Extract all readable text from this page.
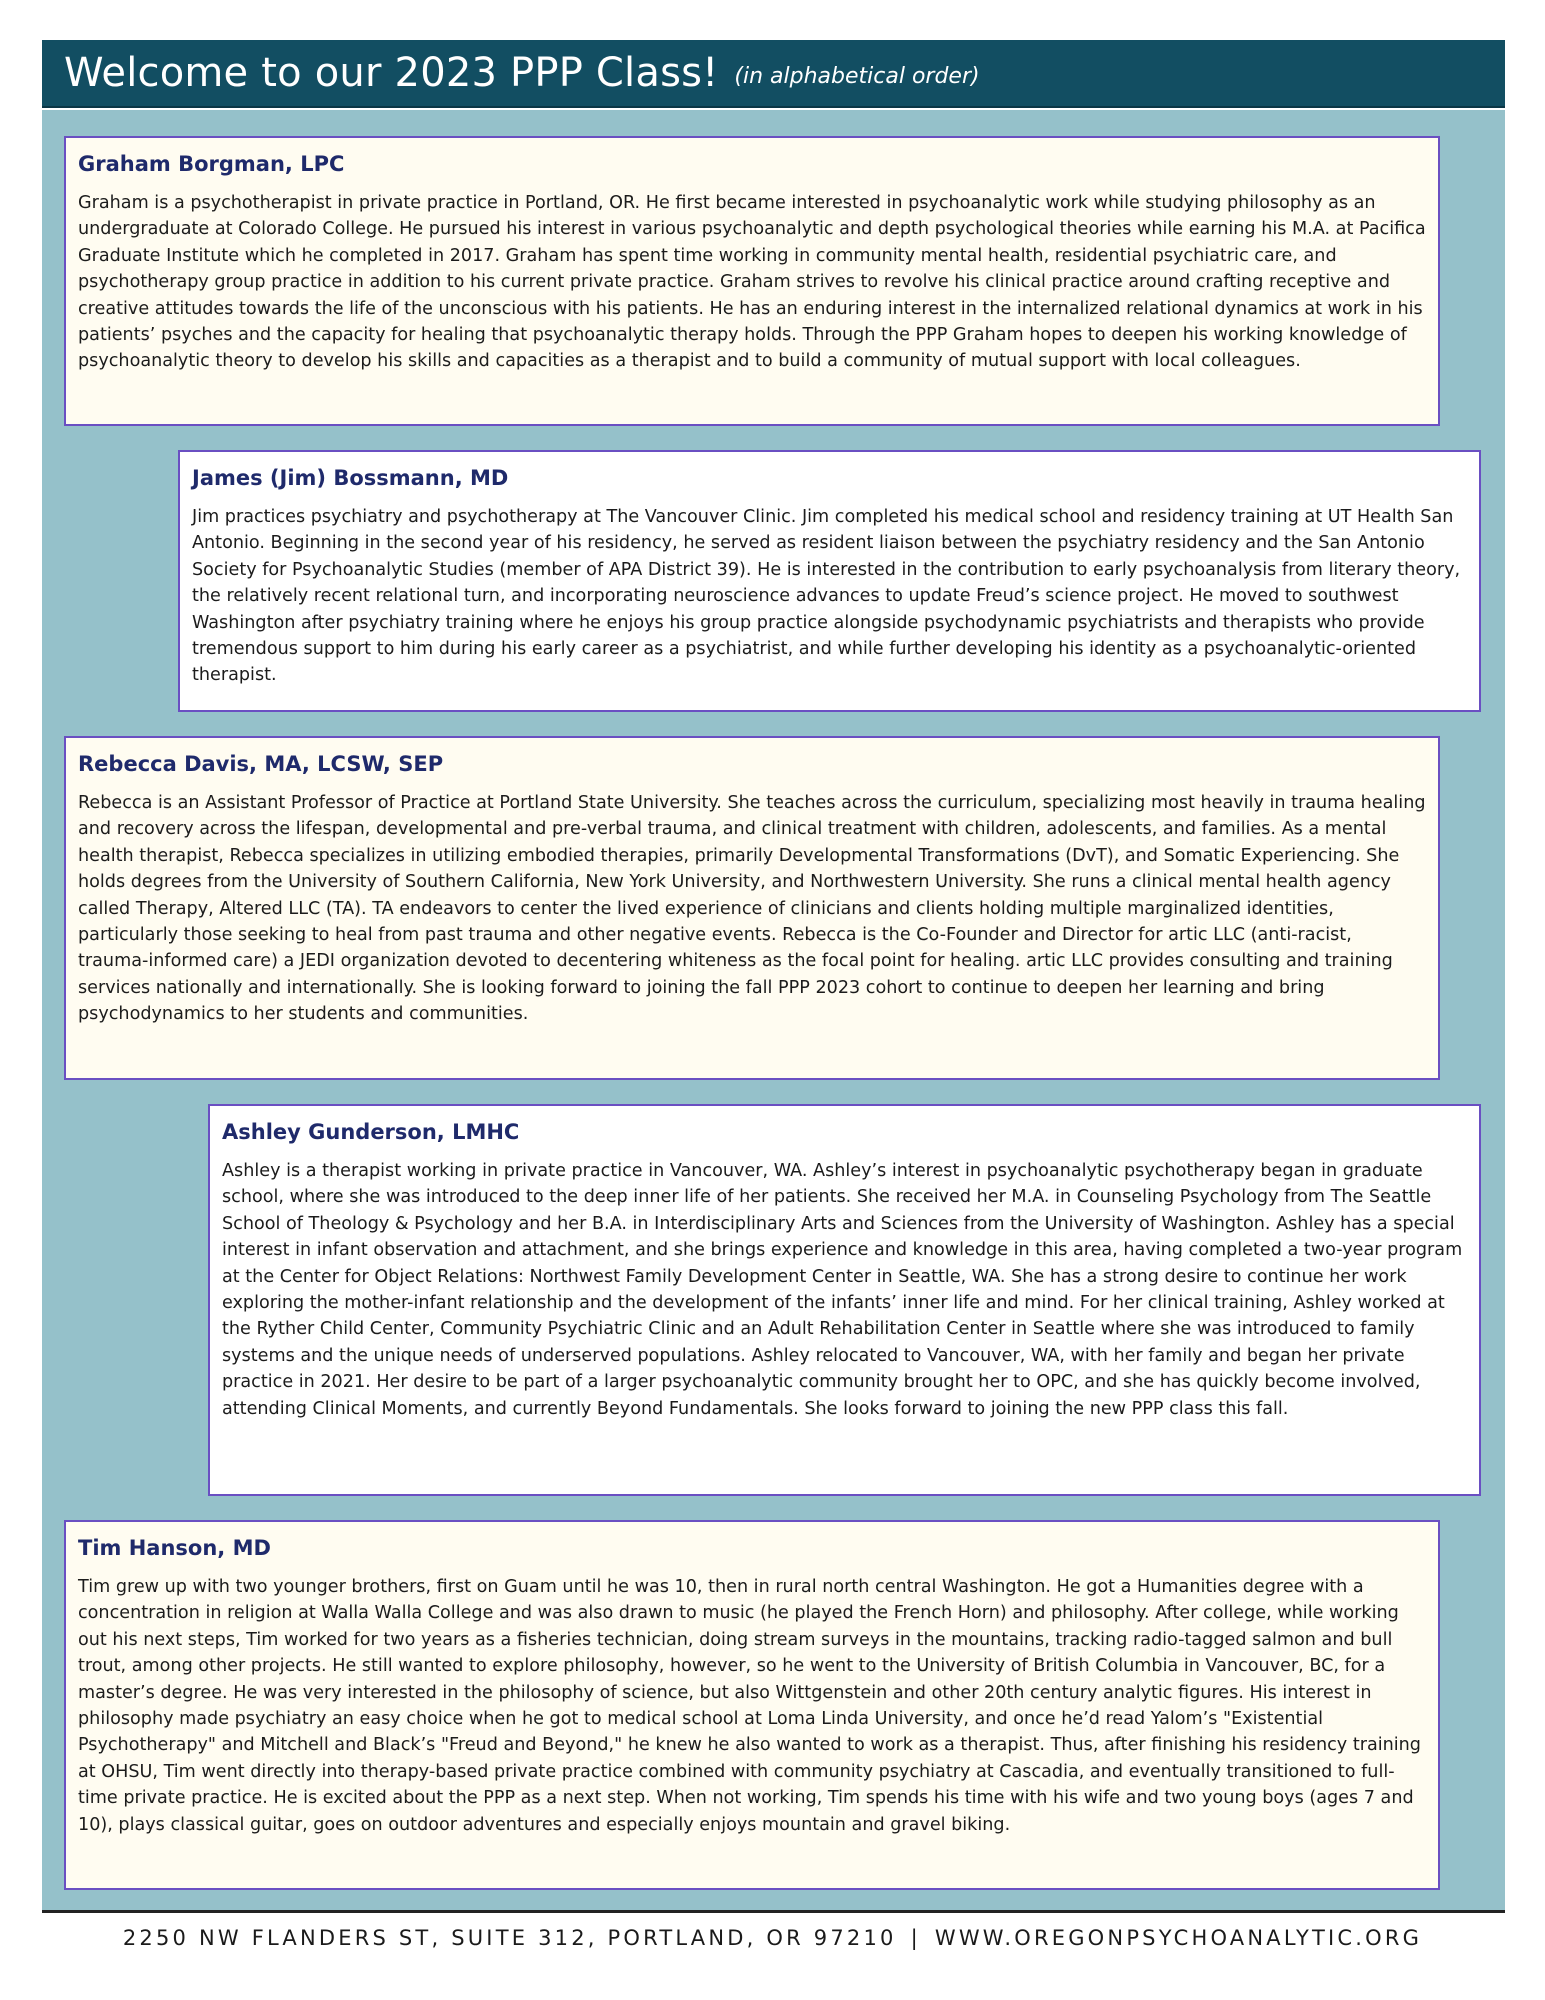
Welcome to our 2023 PPP Class! (in alphabetical order)
Graham Borgman, LPC

Graham is a psychotherapist in private practice in Portland, OR. He first became interested in psychoanalytic work while studying philosophy as an undergraduate at Colorado College. He pursued his interest in various psychoanalytic and depth psychological theories while earning his M.A. at Pacifica Graduate Institute which he completed in 2017. Graham has spent time working in community mental health, residential psychiatric care, and psychotherapy group practice in addition to his current private practice. Graham strives to revolve his clinical practice around crafting receptive and creative attitudes towards the life of the unconscious with his patients. He has an enduring interest in the internalized relational dynamics at work in his patients’ psyches and the capacity for healing that psychoanalytic therapy holds. Through the PPP Graham hopes to deepen his working knowledge of psychoanalytic theory to develop his skills and capacities as a therapist and to build a community of mutual support with local colleagues.

James (Jim) Bossmann, MD

Jim practices psychiatry and psychotherapy at The Vancouver Clinic. Jim completed his medical school and residency training at UT Health San Antonio. Beginning in the second year of his residency, he served as resident liaison between the psychiatry residency and the San Antonio Society for Psychoanalytic Studies (member of APA District 39). He is interested in the contribution to early psychoanalysis from literary theory, the relatively recent relational turn, and incorporating neuroscience advances to update Freud’s science project. He moved to southwest Washington after psychiatry training where he enjoys his group practice alongside psychodynamic psychiatrists and therapists who provide tremendous support to him during his early career as a psychiatrist, and while further developing his identity as a psychoanalytic-oriented therapist.

Rebecca Davis, MA, LCSW, SEP

Rebecca is an Assistant Professor of Practice at Portland State University. She teaches across the curriculum, specializing most heavily in trauma healing and recovery across the lifespan, developmental and pre-verbal trauma, and clinical treatment with children, adolescents, and families. As a mental health therapist, Rebecca specializes in utilizing embodied therapies, primarily Developmental Transformations (DvT), and Somatic Experiencing. She holds degrees from the University of Southern California, New York University, and Northwestern University. She runs a clinical mental health agency called Therapy, Altered LLC (TA). TA endeavors to center the lived experience of clinicians and clients holding multiple marginalized identities, particularly those seeking to heal from past trauma and other negative events. Rebecca is the Co-Founder and Director for artic LLC (anti-racist, trauma-informed care) a JEDI organization devoted to decentering whiteness as the focal point for healing. artic LLC provides consulting and training services nationally and internationally. She is looking forward to joining the fall PPP 2023 cohort to continue to deepen her learning and bring psychodynamics to her students and communities.

Ashley Gunderson, LMHC

Ashley is a therapist working in private practice in Vancouver, WA. Ashley’s interest in psychoanalytic psychotherapy began in graduate school, where she was introduced to the deep inner life of her patients. She received her M.A. in Counseling Psychology from The Seattle School of Theology & Psychology and her B.A. in Interdisciplinary Arts and Sciences from the University of Washington. Ashley has a special interest in infant observation and attachment, and she brings experience and knowledge in this area, having completed a two-year program at the Center for Object Relations: Northwest Family Development Center in Seattle, WA. She has a strong desire to continue her work exploring the mother-infant relationship and the development of the infants’ inner life and mind. For her clinical training, Ashley worked at the Ryther Child Center, Community Psychiatric Clinic and an Adult Rehabilitation Center in Seattle where she was introduced to family systems and the unique needs of underserved populations. Ashley relocated to Vancouver, WA, with her family and began her private practice in 2021. Her desire to be part of a larger psychoanalytic community brought her to OPC, and she has quickly become involved, attending Clinical Moments, and currently Beyond Fundamentals. She looks forward to joining the new PPP class this fall.

Tim Hanson, MD

Tim grew up with two younger brothers, first on Guam until he was 10, then in rural north central Washington. He got a Humanities degree with a concentration in religion at Walla Walla College and was also drawn to music (he played the French Horn) and philosophy. After college, while working out his next steps, Tim worked for two years as a fisheries technician, doing stream surveys in the mountains, tracking radio-tagged salmon and bull trout, among other projects. He still wanted to explore philosophy, however, so he went to the University of British Columbia in Vancouver, BC, for a master’s degree. He was very interested in the philosophy of science, but also Wittgenstein and other 20th century analytic figures. His interest in philosophy made psychiatry an easy choice when he got to medical school at Loma Linda University, and once he’d read Yalom’s "Existential Psychotherapy" and Mitchell and Black’s "Freud and Beyond," he knew he also wanted to work as a therapist. Thus, after finishing his residency training at OHSU, Tim went directly into therapy-based private practice combined with community psychiatry at Cascadia, and eventually transitioned to full-time private practice. He is excited about the PPP as a next step. When not working, Tim spends his time with his wife and two young boys (ages 7 and 10), plays classical guitar, goes on outdoor adventures and especially enjoys mountain and gravel biking.

2250 NW FLANDERS ST, SUITE 312, PORTLAND, OR 97210 | WWW.OREGONPSYCHOANALYTIC.ORG
